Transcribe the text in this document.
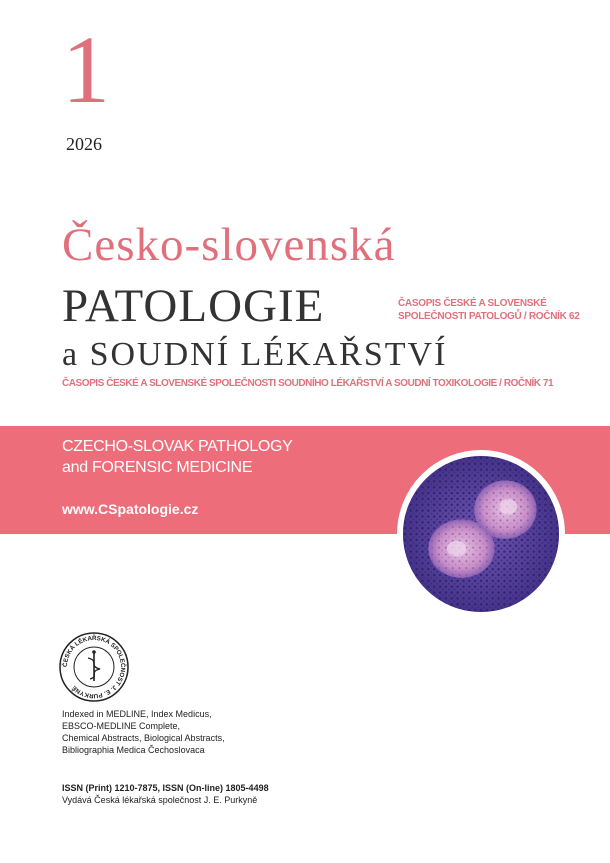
1
2026
Česko-slovenská
PATOLOGIE	ČASOPIS ČESKÉ A SLOVENSKÉ
SPOLEČNOSTI PATOLOGŮ / ROČNÍK 62
a SOUDNÍ LÉKAŘSTVÍ
ČASOPIS ČESKÉ A SLOVENSKÉ SPOLEČNOSTI SOUDNÍHO LÉKAŘSTVÍ A SOUDNÍ TOXIKOLOGIE / ROČNÍK 71
CZECHO-SLOVAK PATHOLOGY
and FORENSIC MEDICINE
www.CSpatologie.cz
ČESKÁ LÉKAŘSKÁ SPOLEČNOST J. E. PURKYNĚ
Indexed in MEDLINE, Index Medicus,
EBSCO-MEDLINE Complete,
Chemical Abstracts, Biological Abstracts,
Bibliographia Medica Čechoslovaca
ISSN (Print) 1210-7875, ISSN (On-line) 1805-4498
Vydává Česká lékařská společnost J. E. Purkyně
